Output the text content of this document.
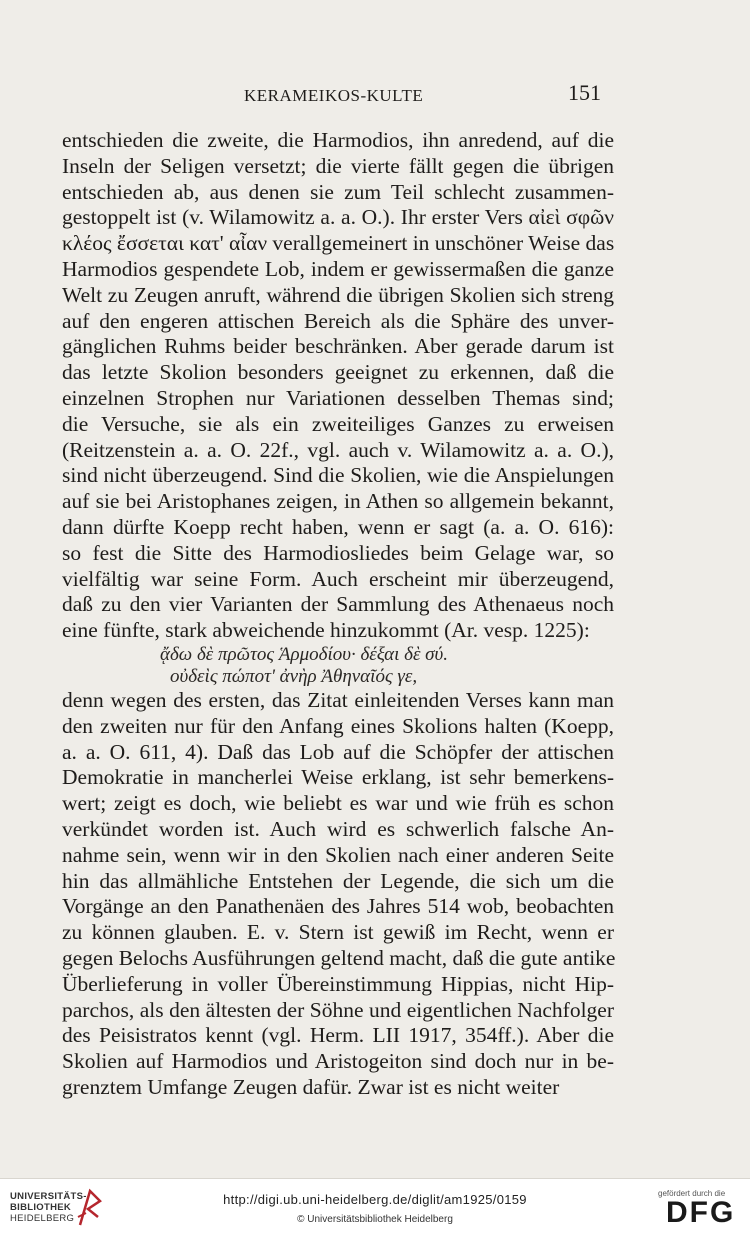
KERAMEIKOS-KULTE	151
entschieden die zweite, die Harmodios, ihn anredend, auf die
Inseln der Seligen versetzt; die vierte fällt gegen die übrigen
entschieden ab, aus denen sie zum Teil schlecht zusammen-
gestoppelt ist (v. Wilamowitz a. a. O.). Ihr erster Vers αἰεὶ σφῶν
κλέος ἔσσεται κατ' αἶαν verallgemeinert in unschöner Weise das
Harmodios gespendete Lob, indem er gewissermaßen die ganze
Welt zu Zeugen anruft, während die übrigen Skolien sich streng
auf den engeren attischen Bereich als die Sphäre des unver-
gänglichen Ruhms beider beschränken. Aber gerade darum ist
das letzte Skolion besonders geeignet zu erkennen, daß die
einzelnen Strophen nur Variationen desselben Themas sind;
die Versuche, sie als ein zweiteiliges Ganzes zu erweisen
(Reitzenstein a. a. O. 22f., vgl. auch v. Wilamowitz a. a. O.),
sind nicht überzeugend. Sind die Skolien, wie die Anspielungen
auf sie bei Aristophanes zeigen, in Athen so allgemein bekannt,
dann dürfte Koepp recht haben, wenn er sagt (a. a. O. 616):
so fest die Sitte des Harmodiosliedes beim Gelage war, so
vielfältig war seine Form. Auch erscheint mir überzeugend,
daß zu den vier Varianten der Sammlung des Athenaeus noch
eine fünfte, stark abweichende hinzukommt (Ar. vesp. 1225):
ᾄδω δὲ πρῶτος Ἁρμοδίου· δέξαι δὲ σύ.
οὐδεὶς πώποτ' ἀνὴρ Ἀθηναῖός γε,
denn wegen des ersten, das Zitat einleitenden Verses kann man
den zweiten nur für den Anfang eines Skolions halten (Koepp,
a. a. O. 611, 4). Daß das Lob auf die Schöpfer der attischen
Demokratie in mancherlei Weise erklang, ist sehr bemerkens-
wert; zeigt es doch, wie beliebt es war und wie früh es schon
verkündet worden ist. Auch wird es schwerlich falsche An-
nahme sein, wenn wir in den Skolien nach einer anderen Seite
hin das allmähliche Entstehen der Legende, die sich um die
Vorgänge an den Panathenäen des Jahres 514 wob, beobachten
zu können glauben. E. v. Stern ist gewiß im Recht, wenn er
gegen Belochs Ausführungen geltend macht, daß die gute antike
Überlieferung in voller Übereinstimmung Hippias, nicht Hip-
parchos, als den ältesten der Söhne und eigentlichen Nachfolger
des Peisistratos kennt (vgl. Herm. LII 1917, 354ff.). Aber die
Skolien auf Harmodios und Aristogeiton sind doch nur in be-
grenztem Umfange Zeugen dafür. Zwar ist es nicht weiter
UNIVERSITÄTS-
BIBLIOTHEK
HEIDELBERG
http://digi.ub.uni-heidelberg.de/diglit/am1925/0159
© Universitätsbibliothek Heidelberg
gefördert durch die
DFG
